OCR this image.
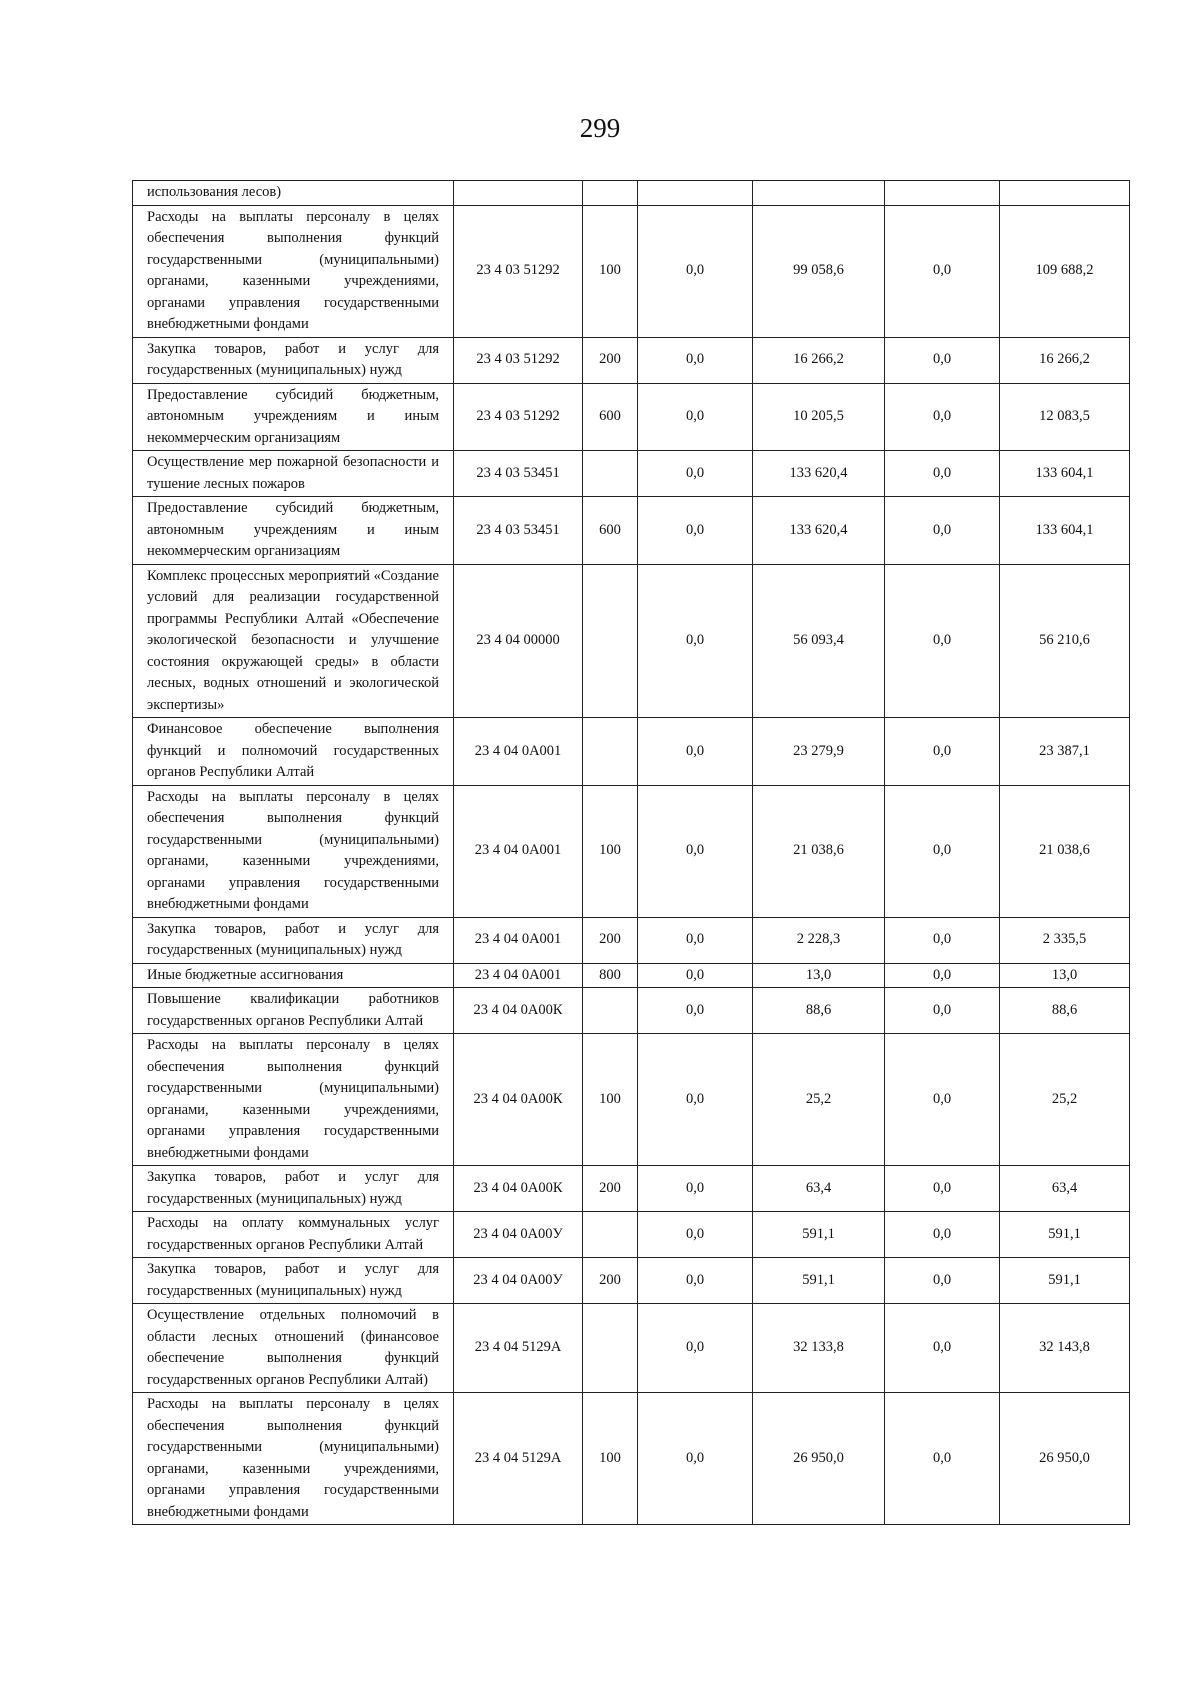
299
использования лесов)						
Расходы на выплаты персоналу в целях обеспечения выполнения функций государственными (муниципальными) органами, казенными учреждениями, органами управления государственными внебюджетными фондами	23 4 03 51292	100	0,0	99 058,6	0,0	109 688,2
Закупка товаров, работ и услуг для государственных (муниципальных) нужд	23 4 03 51292	200	0,0	16 266,2	0,0	16 266,2
Предоставление субсидий бюджетным, автономным учреждениям и иным некоммерческим организациям	23 4 03 51292	600	0,0	10 205,5	0,0	12 083,5
Осуществление мер пожарной безопасности и тушение лесных пожаров	23 4 03 53451		0,0	133 620,4	0,0	133 604,1
Предоставление субсидий бюджетным, автономным учреждениям и иным некоммерческим организациям	23 4 03 53451	600	0,0	133 620,4	0,0	133 604,1
Комплекс процессных мероприятий «Создание условий для реализации государственной программы Республики Алтай «Обеспечение экологической безопасности и улучшение состояния окружающей среды» в области лесных, водных отношений и экологической экспертизы»	23 4 04 00000		0,0	56 093,4	0,0	56 210,6
Финансовое обеспечение выполнения функций и полномочий государственных органов Республики Алтай	23 4 04 0А001		0,0	23 279,9	0,0	23 387,1
Расходы на выплаты персоналу в целях обеспечения выполнения функций государственными (муниципальными) органами, казенными учреждениями, органами управления государственными внебюджетными фондами	23 4 04 0А001	100	0,0	21 038,6	0,0	21 038,6
Закупка товаров, работ и услуг для государственных (муниципальных) нужд	23 4 04 0А001	200	0,0	2 228,3	0,0	2 335,5
Иные бюджетные ассигнования	23 4 04 0А001	800	0,0	13,0	0,0	13,0
Повышение квалификации работников государственных органов Республики Алтай	23 4 04 0А00К		0,0	88,6	0,0	88,6
Расходы на выплаты персоналу в целях обеспечения выполнения функций государственными (муниципальными) органами, казенными учреждениями, органами управления государственными внебюджетными фондами	23 4 04 0А00К	100	0,0	25,2	0,0	25,2
Закупка товаров, работ и услуг для государственных (муниципальных) нужд	23 4 04 0А00К	200	0,0	63,4	0,0	63,4
Расходы на оплату коммунальных услуг государственных органов Республики Алтай	23 4 04 0А00У		0,0	591,1	0,0	591,1
Закупка товаров, работ и услуг для государственных (муниципальных) нужд	23 4 04 0А00У	200	0,0	591,1	0,0	591,1
Осуществление отдельных полномочий в области лесных отношений (финансовое обеспечение выполнения функций государственных органов Республики Алтай)	23 4 04 5129А		0,0	32 133,8	0,0	32 143,8
Расходы на выплаты персоналу в целях обеспечения выполнения функций государственными (муниципальными) органами, казенными учреждениями, органами управления государственными внебюджетными фондами	23 4 04 5129А	100	0,0	26 950,0	0,0	26 950,0
